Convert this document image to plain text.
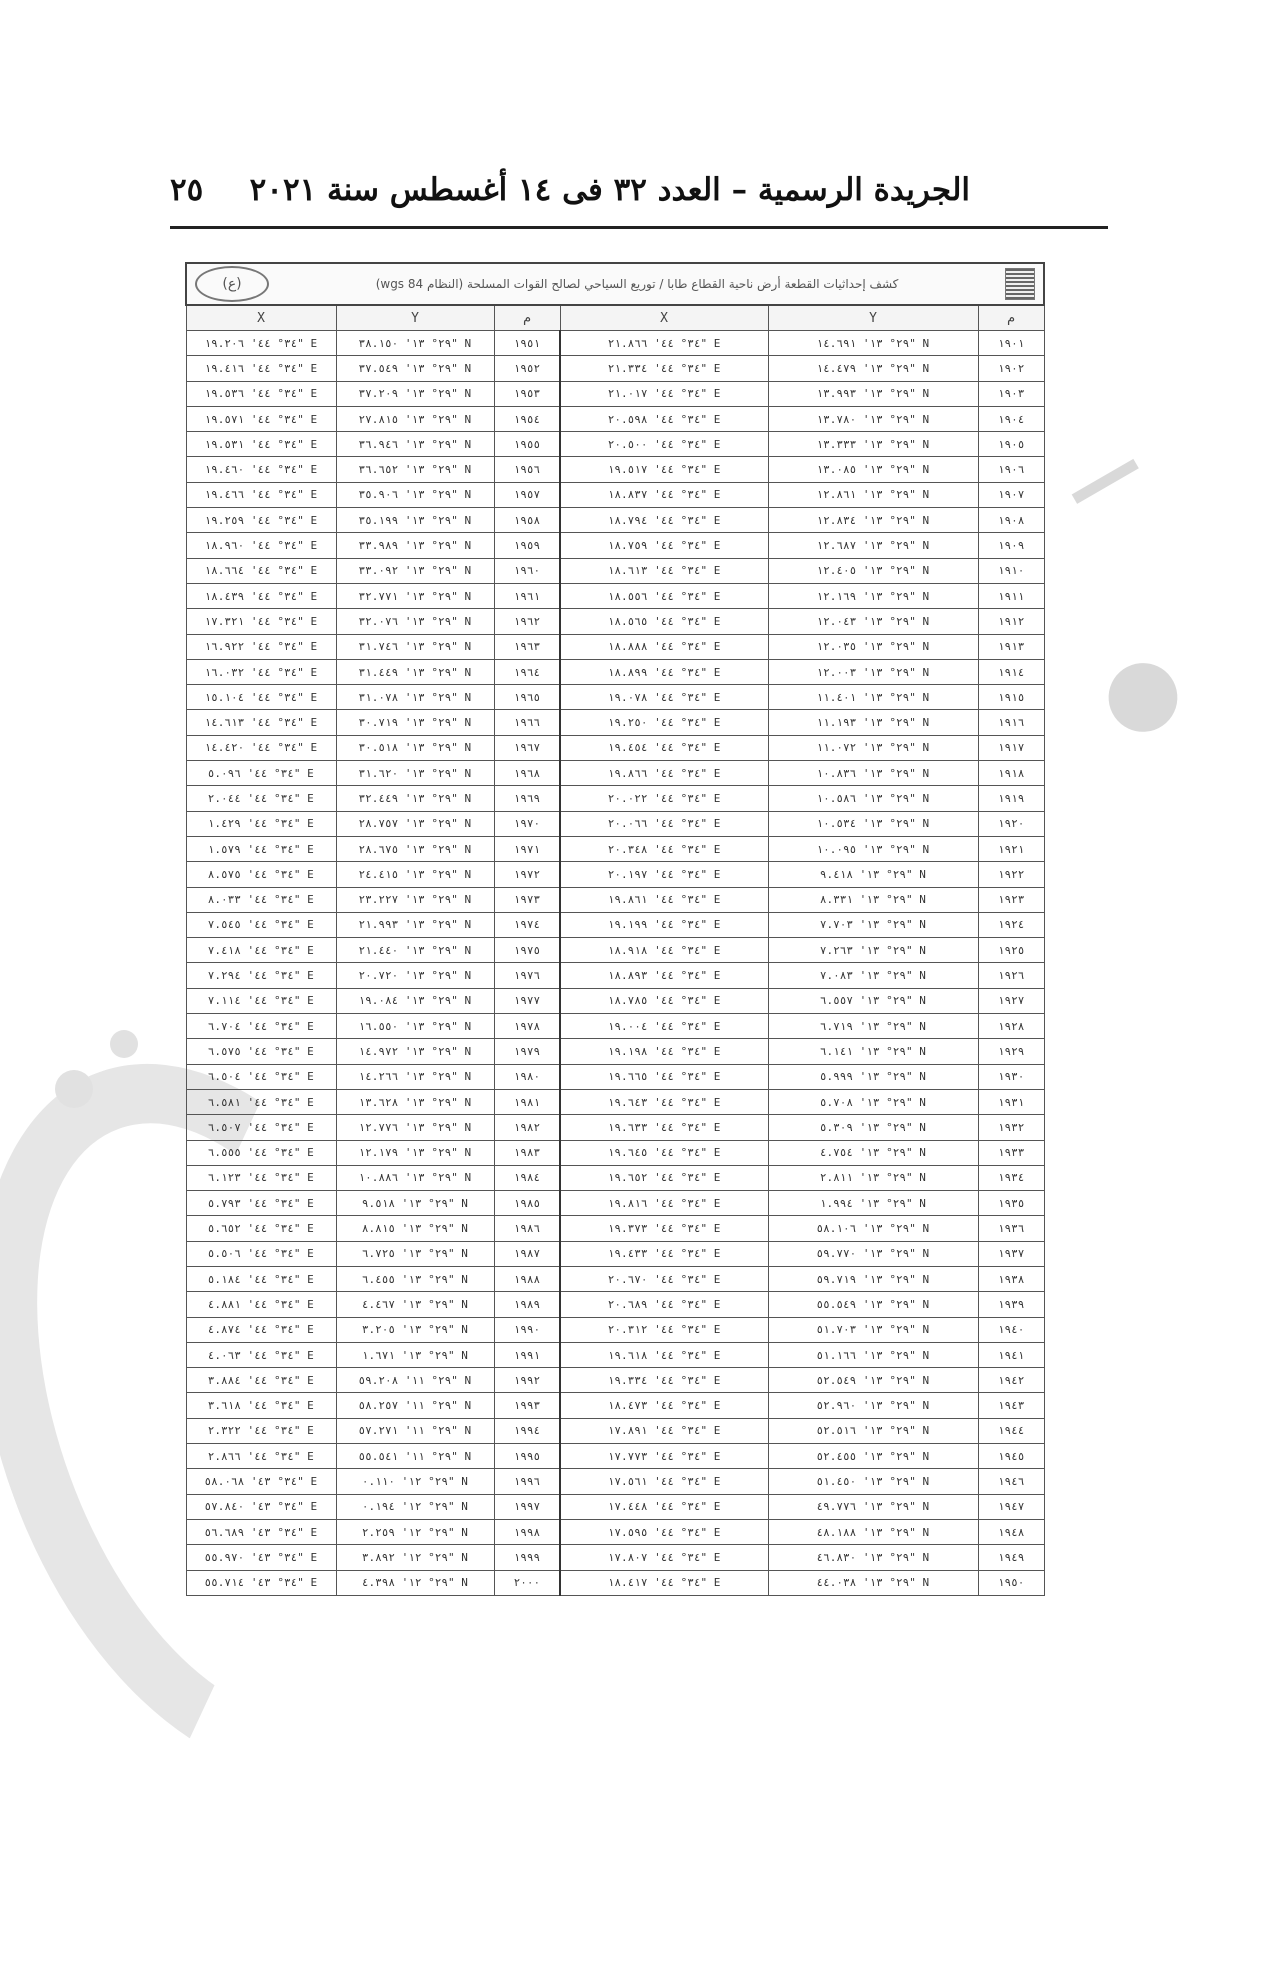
ا
●
الجريدة الرسمية – العدد ٣٢ فى ١٤ أغسطس سنة ٢٠٢١
٢٥
كشف إحداثيات القطعة أرض ناحية القطاع طابا / توريع السياحي لصالح القوات المسلحة (النظام 84 wgs)
(ع)					

م	Y	X	م	Y	X
١٩٠١	٢٩° ١٣' ١٤.٦٩١" N	٣٤° ٤٤' ٢١.٨٦٦" E	١٩٥١	٢٩° ١٣' ٣٨.١٥٠" N	٣٤° ٤٤' ١٩.٢٠٦" E
١٩٠٢	٢٩° ١٣' ١٤.٤٧٩" N	٣٤° ٤٤' ٢١.٣٣٤" E	١٩٥٢	٢٩° ١٣' ٣٧.٥٤٩" N	٣٤° ٤٤' ١٩.٤١٦" E
١٩٠٣	٢٩° ١٣' ١٣.٩٩٣" N	٣٤° ٤٤' ٢١.٠١٧" E	١٩٥٣	٢٩° ١٣' ٣٧.٢٠٩" N	٣٤° ٤٤' ١٩.٥٣٦" E
١٩٠٤	٢٩° ١٣' ١٣.٧٨٠" N	٣٤° ٤٤' ٢٠.٥٩٨" E	١٩٥٤	٢٩° ١٣' ٢٧.٨١٥" N	٣٤° ٤٤' ١٩.٥٧١" E
١٩٠٥	٢٩° ١٣' ١٣.٣٣٣" N	٣٤° ٤٤' ٢٠.٥٠٠" E	١٩٥٥	٢٩° ١٣' ٣٦.٩٤٦" N	٣٤° ٤٤' ١٩.٥٣١" E
١٩٠٦	٢٩° ١٣' ١٣.٠٨٥" N	٣٤° ٤٤' ١٩.٥١٧" E	١٩٥٦	٢٩° ١٣' ٣٦.٦٥٢" N	٣٤° ٤٤' ١٩.٤٦٠" E
١٩٠٧	٢٩° ١٣' ١٢.٨٦١" N	٣٤° ٤٤' ١٨.٨٣٧" E	١٩٥٧	٢٩° ١٣' ٣٥.٩٠٦" N	٣٤° ٤٤' ١٩.٤٦٦" E
١٩٠٨	٢٩° ١٣' ١٢.٨٣٤" N	٣٤° ٤٤' ١٨.٧٩٤" E	١٩٥٨	٢٩° ١٣' ٣٥.١٩٩" N	٣٤° ٤٤' ١٩.٢٥٩" E
١٩٠٩	٢٩° ١٣' ١٢.٦٨٧" N	٣٤° ٤٤' ١٨.٧٥٩" E	١٩٥٩	٢٩° ١٣' ٣٣.٩٨٩" N	٣٤° ٤٤' ١٨.٩٦٠" E
١٩١٠	٢٩° ١٣' ١٢.٤٠٥" N	٣٤° ٤٤' ١٨.٦١٣" E	١٩٦٠	٢٩° ١٣' ٣٣.٠٩٢" N	٣٤° ٤٤' ١٨.٦٦٤" E
١٩١١	٢٩° ١٣' ١٢.١٦٩" N	٣٤° ٤٤' ١٨.٥٥٦" E	١٩٦١	٢٩° ١٣' ٣٢.٧٧١" N	٣٤° ٤٤' ١٨.٤٣٩" E
١٩١٢	٢٩° ١٣' ١٢.٠٤٣" N	٣٤° ٤٤' ١٨.٥٦٥" E	١٩٦٢	٢٩° ١٣' ٣٢.٠٧٦" N	٣٤° ٤٤' ١٧.٣٢١" E
١٩١٣	٢٩° ١٣' ١٢.٠٣٥" N	٣٤° ٤٤' ١٨.٨٨٨" E	١٩٦٣	٢٩° ١٣' ٣١.٧٤٦" N	٣٤° ٤٤' ١٦.٩٢٢" E
١٩١٤	٢٩° ١٣' ١٢.٠٠٣" N	٣٤° ٤٤' ١٨.٨٩٩" E	١٩٦٤	٢٩° ١٣' ٣١.٤٤٩" N	٣٤° ٤٤' ١٦.٠٣٢" E
١٩١٥	٢٩° ١٣' ١١.٤٠١" N	٣٤° ٤٤' ١٩.٠٧٨" E	١٩٦٥	٢٩° ١٣' ٣١.٠٧٨" N	٣٤° ٤٤' ١٥.١٠٤" E
١٩١٦	٢٩° ١٣' ١١.١٩٣" N	٣٤° ٤٤' ١٩.٢٥٠" E	١٩٦٦	٢٩° ١٣' ٣٠.٧١٩" N	٣٤° ٤٤' ١٤.٦١٣" E
١٩١٧	٢٩° ١٣' ١١.٠٧٢" N	٣٤° ٤٤' ١٩.٤٥٤" E	١٩٦٧	٢٩° ١٣' ٣٠.٥١٨" N	٣٤° ٤٤' ١٤.٤٢٠" E
١٩١٨	٢٩° ١٣' ١٠.٨٣٦" N	٣٤° ٤٤' ١٩.٨٦٦" E	١٩٦٨	٢٩° ١٣' ٣١.٦٢٠" N	٣٤° ٤٤' ٥.٠٩٦" E
١٩١٩	٢٩° ١٣' ١٠.٥٨٦" N	٣٤° ٤٤' ٢٠.٠٢٢" E	١٩٦٩	٢٩° ١٣' ٣٢.٤٤٩" N	٣٤° ٤٤' ٢.٠٤٤" E
١٩٢٠	٢٩° ١٣' ١٠.٥٣٤" N	٣٤° ٤٤' ٢٠.٠٦٦" E	١٩٧٠	٢٩° ١٣' ٢٨.٧٥٧" N	٣٤° ٤٤' ١.٤٢٩" E
١٩٢١	٢٩° ١٣' ١٠.٠٩٥" N	٣٤° ٤٤' ٢٠.٣٤٨" E	١٩٧١	٢٩° ١٣' ٢٨.٦٧٥" N	٣٤° ٤٤' ١.٥٧٩" E
١٩٢٢	٢٩° ١٣' ٩.٤١٨" N	٣٤° ٤٤' ٢٠.١٩٧" E	١٩٧٢	٢٩° ١٣' ٢٤.٤١٥" N	٣٤° ٤٤' ٨.٥٧٥" E
١٩٢٣	٢٩° ١٣' ٨.٣٣١" N	٣٤° ٤٤' ١٩.٨٦١" E	١٩٧٣	٢٩° ١٣' ٢٣.٢٢٧" N	٣٤° ٤٤' ٨.٠٣٣" E
١٩٢٤	٢٩° ١٣' ٧.٧٠٣" N	٣٤° ٤٤' ١٩.١٩٩" E	١٩٧٤	٢٩° ١٣' ٢١.٩٩٣" N	٣٤° ٤٤' ٧.٥٤٥" E
١٩٢٥	٢٩° ١٣' ٧.٢٦٣" N	٣٤° ٤٤' ١٨.٩١٨" E	١٩٧٥	٢٩° ١٣' ٢١.٤٤٠" N	٣٤° ٤٤' ٧.٤١٨" E
١٩٢٦	٢٩° ١٣' ٧.٠٨٣" N	٣٤° ٤٤' ١٨.٨٩٣" E	١٩٧٦	٢٩° ١٣' ٢٠.٧٢٠" N	٣٤° ٤٤' ٧.٢٩٤" E
١٩٢٧	٢٩° ١٣' ٦.٥٥٧" N	٣٤° ٤٤' ١٨.٧٨٥" E	١٩٧٧	٢٩° ١٣' ١٩.٠٨٤" N	٣٤° ٤٤' ٧.١١٤" E
١٩٢٨	٢٩° ١٣' ٦.٧١٩" N	٣٤° ٤٤' ١٩.٠٠٤" E	١٩٧٨	٢٩° ١٣' ١٦.٥٥٠" N	٣٤° ٤٤' ٦.٧٠٤" E
١٩٢٩	٢٩° ١٣' ٦.١٤١" N	٣٤° ٤٤' ١٩.١٩٨" E	١٩٧٩	٢٩° ١٣' ١٤.٩٧٢" N	٣٤° ٤٤' ٦.٥٧٥" E
١٩٣٠	٢٩° ١٣' ٥.٩٩٩" N	٣٤° ٤٤' ١٩.٦٦٥" E	١٩٨٠	٢٩° ١٣' ١٤.٢٦٦" N	٣٤° ٤٤' ٦.٥٠٤" E
١٩٣١	٢٩° ١٣' ٥.٧٠٨" N	٣٤° ٤٤' ١٩.٦٤٣" E	١٩٨١	٢٩° ١٣' ١٣.٦٢٨" N	٣٤° ٤٤' ٦.٥٨١" E
١٩٣٢	٢٩° ١٣' ٥.٣٠٩" N	٣٤° ٤٤' ١٩.٦٣٣" E	١٩٨٢	٢٩° ١٣' ١٢.٧٧٦" N	٣٤° ٤٤' ٦.٥٠٧" E
١٩٣٣	٢٩° ١٣' ٤.٧٥٤" N	٣٤° ٤٤' ١٩.٦٤٥" E	١٩٨٣	٢٩° ١٣' ١٢.١٧٩" N	٣٤° ٤٤' ٦.٥٥٥" E
١٩٣٤	٢٩° ١٣' ٢.٨١١" N	٣٤° ٤٤' ١٩.٦٥٢" E	١٩٨٤	٢٩° ١٣' ١٠.٨٨٦" N	٣٤° ٤٤' ٦.١٢٣" E
١٩٣٥	٢٩° ١٣' ١.٩٩٤" N	٣٤° ٤٤' ١٩.٨١٦" E	١٩٨٥	٢٩° ١٣' ٩.٥١٨" N	٣٤° ٤٤' ٥.٧٩٣" E
١٩٣٦	٢٩° ١٣' ٥٨.١٠٦" N	٣٤° ٤٤' ١٩.٣٧٣" E	١٩٨٦	٢٩° ١٣' ٨.٨١٥" N	٣٤° ٤٤' ٥.٦٥٢" E
١٩٣٧	٢٩° ١٣' ٥٩.٧٧٠" N	٣٤° ٤٤' ١٩.٤٣٣" E	١٩٨٧	٢٩° ١٣' ٦.٧٢٥" N	٣٤° ٤٤' ٥.٥٠٦" E
١٩٣٨	٢٩° ١٣' ٥٩.٧١٩" N	٣٤° ٤٤' ٢٠.٦٧٠" E	١٩٨٨	٢٩° ١٣' ٦.٤٥٥" N	٣٤° ٤٤' ٥.١٨٤" E
١٩٣٩	٢٩° ١٣' ٥٥.٥٤٩" N	٣٤° ٤٤' ٢٠.٦٨٩" E	١٩٨٩	٢٩° ١٣' ٤.٤٦٧" N	٣٤° ٤٤' ٤.٨٨١" E
١٩٤٠	٢٩° ١٣' ٥١.٧٠٣" N	٣٤° ٤٤' ٢٠.٣١٢" E	١٩٩٠	٢٩° ١٣' ٣.٢٠٥" N	٣٤° ٤٤' ٤.٨٧٤" E
١٩٤١	٢٩° ١٣' ٥١.١٦٦" N	٣٤° ٤٤' ١٩.٦١٨" E	١٩٩١	٢٩° ١٣' ١.٦٧١" N	٣٤° ٤٤' ٤.٠٦٣" E
١٩٤٢	٢٩° ١٣' ٥٢.٥٤٩" N	٣٤° ٤٤' ١٩.٣٣٤" E	١٩٩٢	٢٩° ١١' ٥٩.٢٠٨" N	٣٤° ٤٤' ٣.٨٨٤" E
١٩٤٣	٢٩° ١٣' ٥٢.٩٦٠" N	٣٤° ٤٤' ١٨.٤٧٣" E	١٩٩٣	٢٩° ١١' ٥٨.٢٥٧" N	٣٤° ٤٤' ٣.٦١٨" E
١٩٤٤	٢٩° ١٣' ٥٢.٥١٦" N	٣٤° ٤٤' ١٧.٨٩١" E	١٩٩٤	٢٩° ١١' ٥٧.٢٧١" N	٣٤° ٤٤' ٢.٣٢٢" E
١٩٤٥	٢٩° ١٣' ٥٢.٤٥٥" N	٣٤° ٤٤' ١٧.٧٧٣" E	١٩٩٥	٢٩° ١١' ٥٥.٥٤١" N	٣٤° ٤٤' ٢.٨٦٦" E
١٩٤٦	٢٩° ١٣' ٥١.٤٥٠" N	٣٤° ٤٤' ١٧.٥٦١" E	١٩٩٦	٢٩° ١٢' ٠.١١٠" N	٣٤° ٤٣' ٥٨.٠٦٨" E
١٩٤٧	٢٩° ١٣' ٤٩.٧٧٦" N	٣٤° ٤٤' ١٧.٤٤٨" E	١٩٩٧	٢٩° ١٢' ٠.١٩٤" N	٣٤° ٤٣' ٥٧.٨٤٠" E
١٩٤٨	٢٩° ١٣' ٤٨.١٨٨" N	٣٤° ٤٤' ١٧.٥٩٥" E	١٩٩٨	٢٩° ١٢' ٢.٢٥٩" N	٣٤° ٤٣' ٥٦.٦٨٩" E
١٩٤٩	٢٩° ١٣' ٤٦.٨٣٠" N	٣٤° ٤٤' ١٧.٨٠٧" E	١٩٩٩	٢٩° ١٢' ٣.٨٩٢" N	٣٤° ٤٣' ٥٥.٩٧٠" E
١٩٥٠	٢٩° ١٣' ٤٤.٠٣٨" N	٣٤° ٤٤' ١٨.٤١٧" E	٢٠٠٠	٢٩° ١٢' ٤.٣٩٨" N	٣٤° ٤٣' ٥٥.٧١٤" E
